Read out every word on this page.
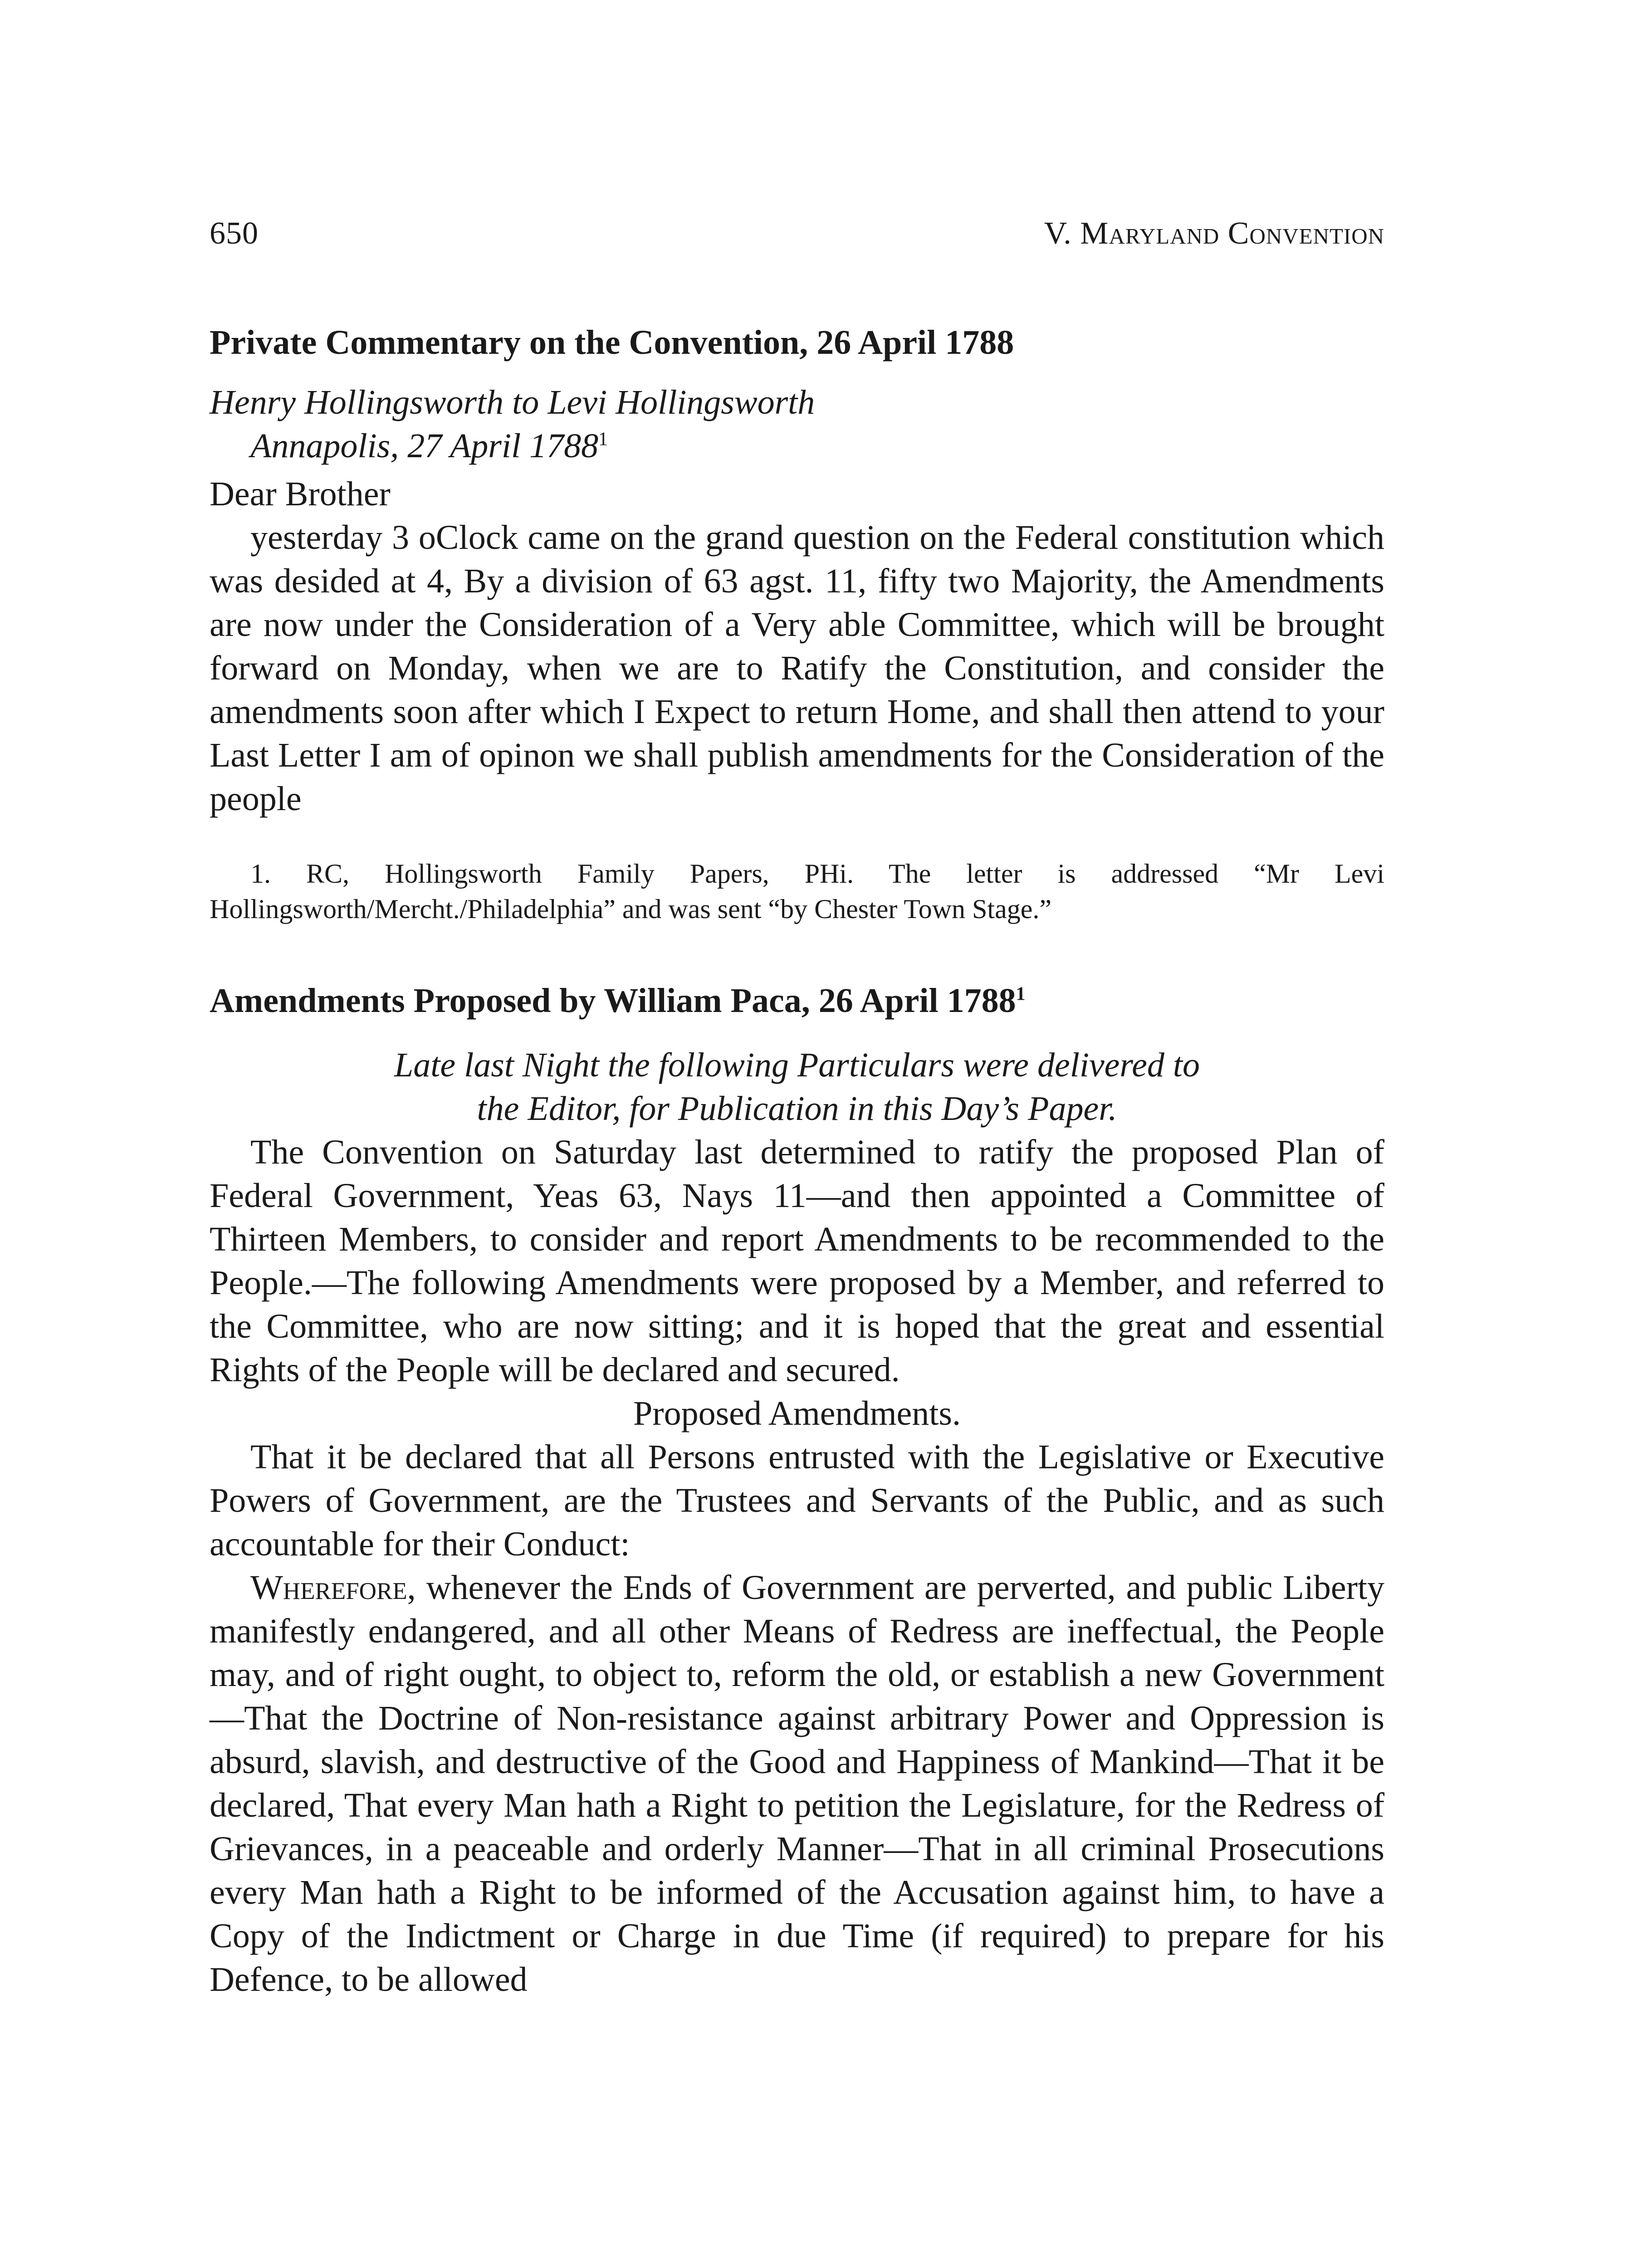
650	V. Maryland Convention
Private Commentary on the Convention, 26 April 1788
Henry Hollingsworth to Levi Hollingsworth
Annapolis, 27 April 1788$^1$
Dear Brother

yesterday 3 oClock came on the grand question on the Federal constitution which was desided at 4, By a division of 63 agst. 11, fifty two Majority, the Amendments are now under the Consideration of a Very able Committee, which will be brought forward on Monday, when we are to Ratify the Constitution, and consider the amendments soon after which I Expect to return Home, and shall then attend to your Last Letter I am of opinon we shall publish amendments for the Consideration of the people

1. RC, Hollingsworth Family Papers, PHi. The letter is addressed “Mr Levi Hollingsworth/Mercht./Philadelphia” and was sent “by Chester Town Stage.”

Amendments Proposed by William Paca, 26 April 1788$^1$
Late last Night the following Particulars were delivered to
the Editor, for Publication in this Day’s Paper.

The Convention on Saturday last determined to ratify the proposed Plan of Federal Government, Yeas 63, Nays 11—and then appointed a Committee of Thirteen Members, to consider and report Amendments to be recommended to the People.—The following Amendments were proposed by a Member, and referred to the Committee, who are now sitting; and it is hoped that the great and essential Rights of the People will be declared and secured.

Proposed Amendments.

That it be declared that all Persons entrusted with the Legislative or Executive Powers of Government, are the Trustees and Servants of the Public, and as such accountable for their Conduct:

Wherefore, whenever the Ends of Government are perverted, and public Liberty manifestly endangered, and all other Means of Redress are ineffectual, the People may, and of right ought, to object to, reform the old, or establish a new Government—That the Doctrine of Non-resistance against arbitrary Power and Oppression is absurd, slavish, and destructive of the Good and Happiness of Mankind—That it be declared, That every Man hath a Right to petition the Legislature, for the Redress of Grievances, in a peaceable and orderly Manner—That in all criminal Prosecutions every Man hath a Right to be informed of the Accusation against him, to have a Copy of the Indictment or Charge in due Time (if required) to prepare for his Defence, to be allowed
